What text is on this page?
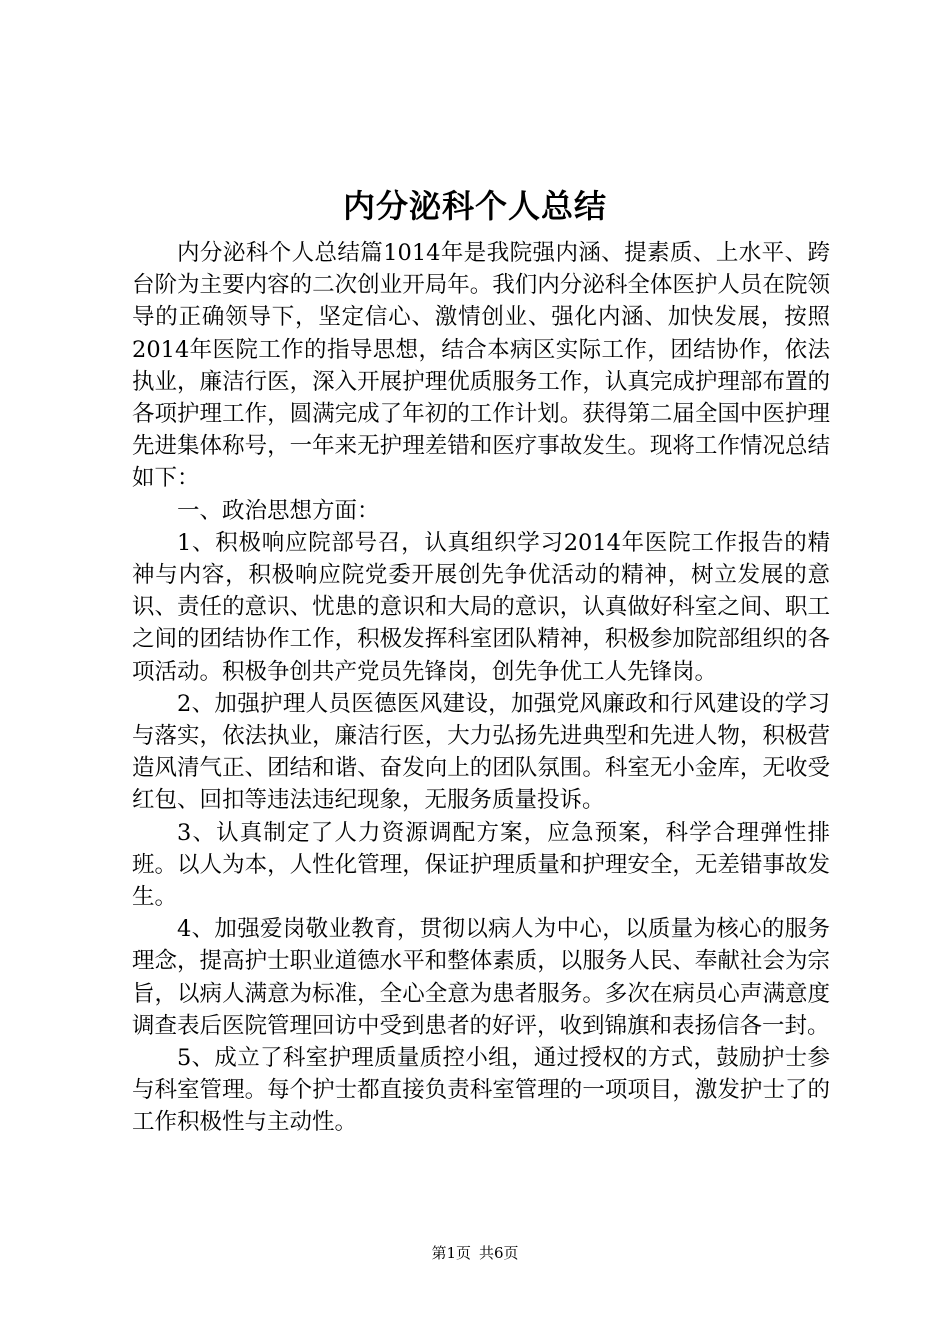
内分泌科个人总结

内分泌科个人总结篇1014年是我院强内涵、提素质、上水平、跨台阶为主要内容的二次创业开局年。我们内分泌科全体医护人员在院领导的正确领导下，坚定信心、激情创业、强化内涵、加快发展，按照2014年医院工作的指导思想，结合本病区实际工作，团结协作，依法执业，廉洁行医，深入开展护理优质服务工作，认真完成护理部布置的各项护理工作，圆满完成了年初的工作计划。获得第二届全国中医护理先进集体称号，一年来无护理差错和医疗事故发生。现将工作情况总结如下：

一、政治思想方面：

1、积极响应院部号召，认真组织学习2014年医院工作报告的精神与内容，积极响应院党委开展创先争优活动的精神，树立发展的意识、责任的意识、忧患的意识和大局的意识，认真做好科室之间、职工之间的团结协作工作，积极发挥科室团队精神，积极参加院部组织的各项活动。积极争创共产党员先锋岗，创先争优工人先锋岗。

2、加强护理人员医德医风建设，加强党风廉政和行风建设的学习与落实，依法执业，廉洁行医，大力弘扬先进典型和先进人物，积极营造风清气正、团结和谐、奋发向上的团队氛围。科室无小金库，无收受红包、回扣等违法违纪现象，无服务质量投诉。

3、认真制定了人力资源调配方案，应急预案，科学合理弹性排班。以人为本，人性化管理，保证护理质量和护理安全，无差错事故发生。

4、加强爱岗敬业教育，贯彻以病人为中心，以质量为核心的服务理念，提高护士职业道德水平和整体素质，以服务人民、奉献社会为宗旨，以病人满意为标准，全心全意为患者服务。多次在病员心声满意度调查表后医院管理回访中受到患者的好评，收到锦旗和表扬信各一封。

5、成立了科室护理质量质控小组，通过授权的方式，鼓励护士参与科室管理。每个护士都直接负责科室管理的一项项目，激发护士了的工作积极性与主动性。

第1页 共6页
